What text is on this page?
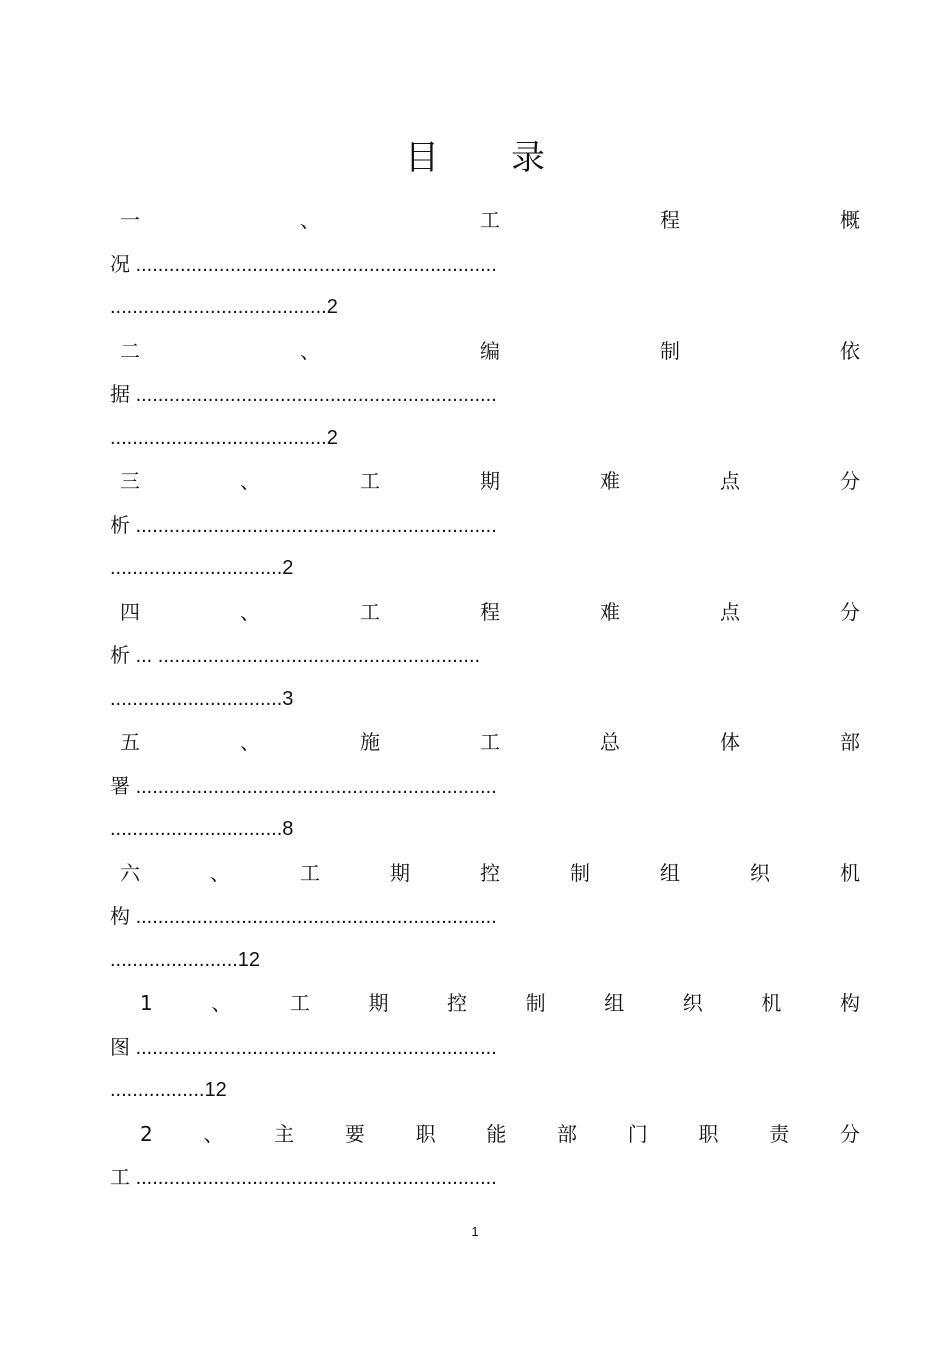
目 录
一	、	工	程	概
况 .................................................................
.......................................2
二	、	编	制	依
据 .................................................................
.......................................2
三	、	工	期	难	点	分
析 .................................................................
...............................2
四	、	工	程	难	点	分
析 ... ..........................................................
...............................3
五	、	施	工	总	体	部
署 .................................................................
...............................8
六	、	工	期	控	制	组	织	机
构 .................................................................
.......................12
1	、	工	期	控	制	组	织	机	构
图 .................................................................
.................12
2	、	主	要	职	能	部	门	职	责	分
工 .................................................................
1
